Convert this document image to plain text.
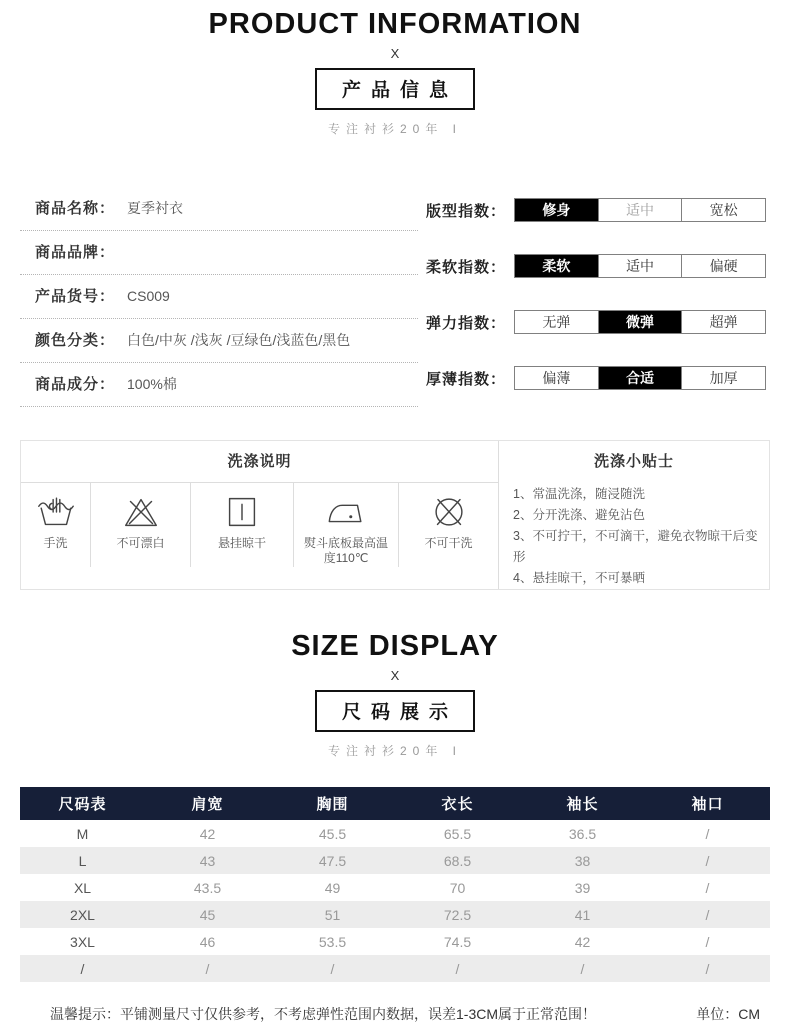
PRODUCT INFORMATION
X
产品信息
专注衬衫20年 I
商品名称： 夏季衬衣
商品品牌：
产品货号： CS009
颜色分类： 白色/中灰 /浅灰 /豆绿色/浅蓝色/黑色
商品成分： 100%棉
版型指数：	修身	适中	宽松
柔软指数：	柔软	适中	偏硬
弹力指数：	无弹	微弹	超弹
厚薄指数：	偏薄	合适	加厚
洗涤说明
手洗	不可漂白	悬挂晾干	熨斗底板最高温度110℃
不可干洗
洗涤小贴士
1、常温洗涤，随浸随洗
2、分开洗涤、避免沾色
3、不可拧干，不可滴干，避免衣物晾干后变形
4、悬挂晾干，不可暴晒
SIZE DISPLAY
X
尺码展示
专注衬衫20年 I
尺码表	肩宽	胸围	衣长	袖长	袖口
M	42	45.5	65.5	36.5	/
L	43	47.5	68.5	38	/
XL	43.5	49	70	39	/
2XL	45	51	72.5	41	/
3XL	46	53.5	74.5	42	/
/	/	/	/	/	/
温馨提示：平铺测量尺寸仅供参考，不考虑弹性范围内数据，误差1-3CM属于正常范围！	单位：CM
